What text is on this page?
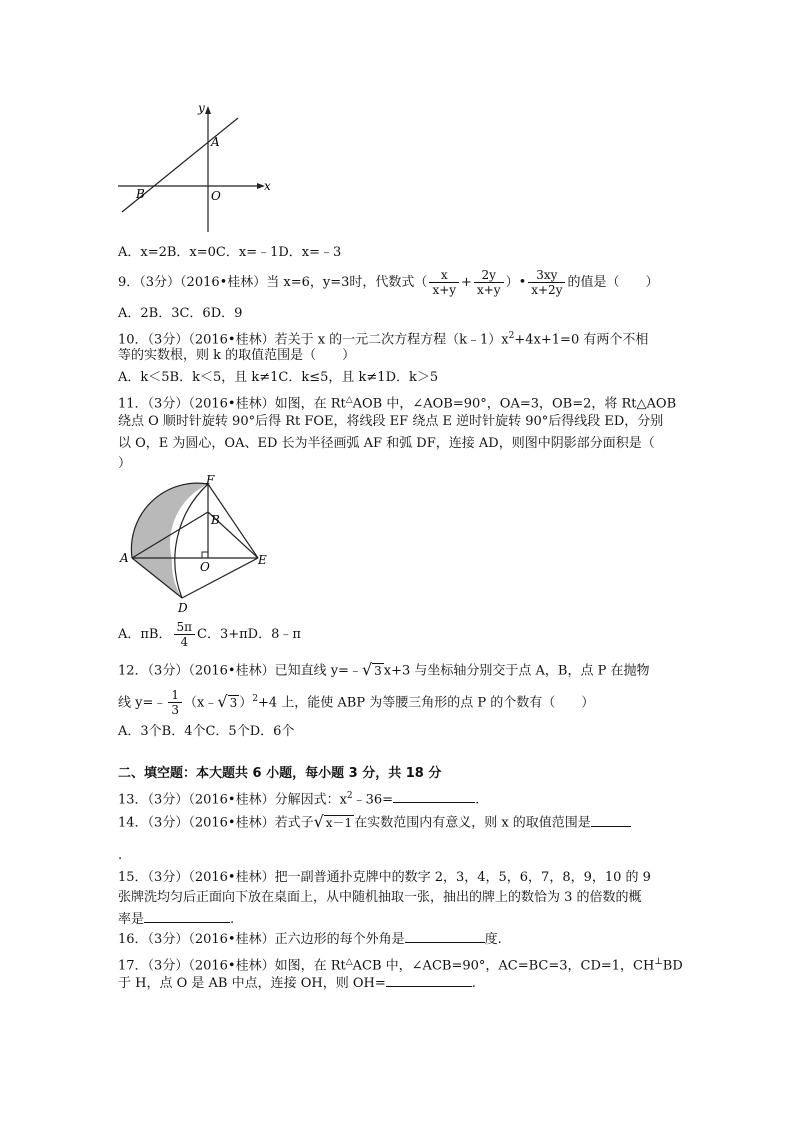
y
x
A
B	O
A．x=2B．x=0C．x=﹣1D．x=﹣3
9．（3分）（2016•桂林）当 x=6，y=3时，代数式（ $\frac{x}{x+y} + \frac{2y}{x+y}$ ）• $\frac{3xy}{x+2y}$ 的值是（　　）
A．2B．3C．6D．9
10．（3分）（2016•桂林）若关于 x 的一元二次方程方程$(k﹣1)x^2+4x+1=0$ 有两个不相
等的实数根，则 k 的取值范围是（　　）
A．k＜5B．k＜5，且 k≠1C．k≤5，且 k≠1D．k＞5
11．（3分）（2016•桂林）如图，在 Rt△AOB 中，∠AOB=90°，OA=3，OB=2，将 Rt△AOB
绕点 O 顺时针旋转 90°后得 Rt FOE，将线段 EF 绕点 E 逆时针旋转 90°后得线段 ED，分别
以 O，E 为圆心，OA、ED 长为半径画弧 AF 和弧 DF，连接 AD，则图中阴影部分面积是（
）
F
B
A
O	E
D
A．πB． $\frac{5\pi}{4}$ C．3+πD．8﹣π
12．（3分）（2016•桂林）已知直线 y=﹣√ 3 x+3 与坐标轴分别交于点 A，B，点 P 在抛物
线 y=﹣ $\frac{1}{3}$ （x﹣√ 3 ）$^2$+4 上，能使 ABP 为等腰三角形的点 P 的个数有（　　）
A．3个B．4个C．5个D．6个
二、填空题：本大题共 6 小题，每小题 3 分，共 18 分
13．（3分）（2016•桂林）分解因式：$x^2﹣36=$	.
14．（3分）（2016•桂林）若式子√ x－1 在实数范围内有意义，则 x 的取值范围是
.
15．（3分）（2016•桂林）把一副普通扑克牌中的数字 2，3，4，5，6，7，8，9，10 的 9
张牌洗均匀后正面向下放在桌面上，从中随机抽取一张，抽出的牌上的数恰为 3 的倍数的概
率是	.
16．（3分）（2016•桂林）正六边形的每个外角是	度.
17．（3分）（2016•桂林）如图，在 Rt△ACB 中，∠ACB=90°，AC=BC=3，CD=1，CH⊥BD
于 H，点 O 是 AB 中点，连接 OH，则 OH=	.
